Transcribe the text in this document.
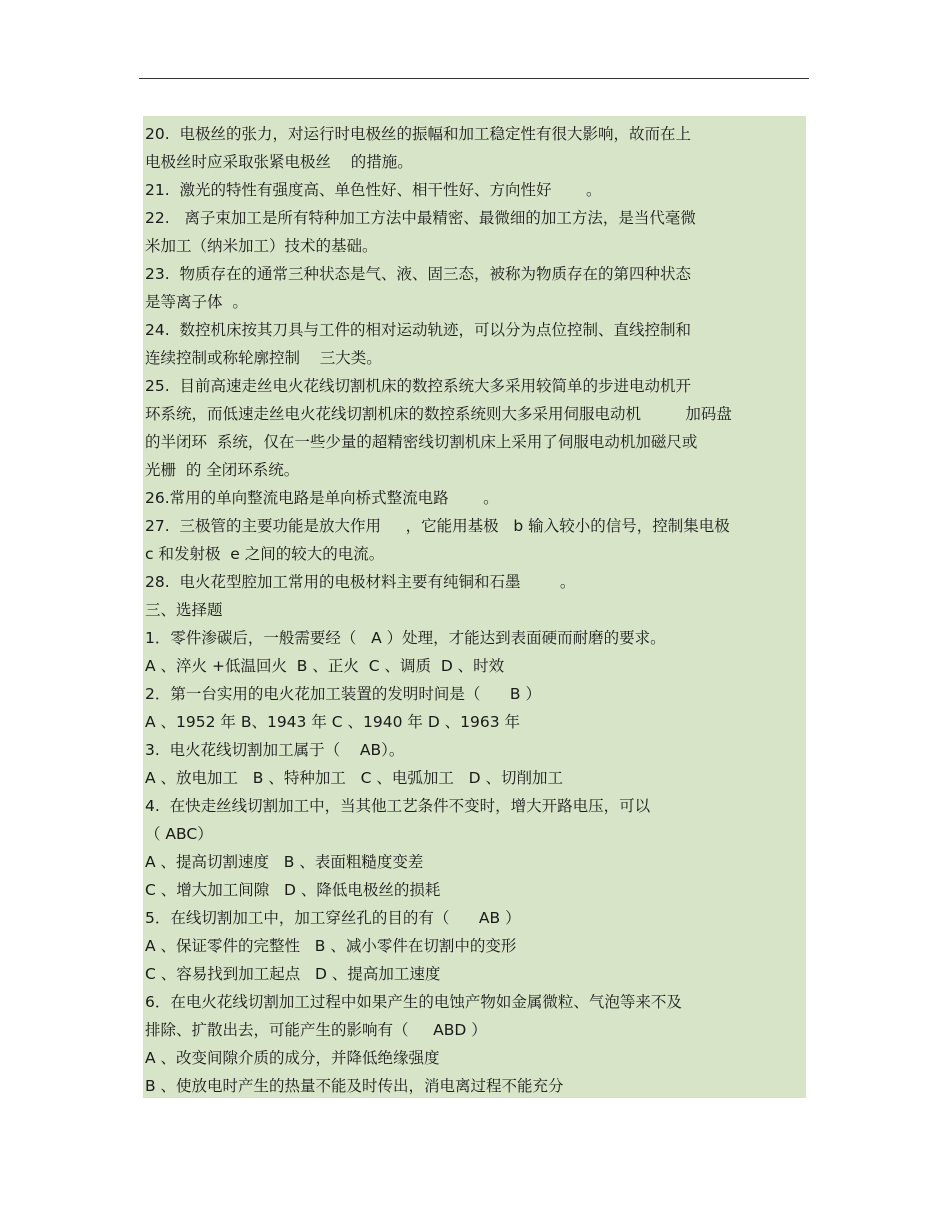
20.  电极丝的张力，对运行时电极丝的振幅和加工稳定性有很大影响，故而在上
电极丝时应采取张紧电极丝    的措施。
21.  激光的特性有强度高、单色性好、相干性好、方向性好       。
22.   离子束加工是所有特种加工方法中最精密、最微细的加工方法，是当代毫微
米加工（纳米加工）技术的基础。
23.  物质存在的通常三种状态是气、液、固三态，被称为物质存在的第四种状态
是等离子体  。
24.  数控机床按其刀具与工件的相对运动轨迹，可以分为点位控制、直线控制和
连续控制或称轮廓控制    三大类。
25.  目前高速走丝电火花线切割机床的数控系统大多采用较简单的步进电动机开
环系统，而低速走丝电火花线切割机床的数控系统则大多采用伺服电动机         加码盘
的半闭环  系统，仅在一些少量的超精密线切割机床上采用了伺服电动机加磁尺或
光栅  的 全闭环系统。
26.常用的单向整流电路是单向桥式整流电路       。
27.  三极管的主要功能是放大作用     ，它能用基极   b 输入较小的信号，控制集电极
c 和发射极  e 之间的较大的电流。
28.  电火花型腔加工常用的电极材料主要有纯铜和石墨        。
三、选择题
1．零件渗碳后，一般需要经（   A ）处理，才能达到表面硬而耐磨的要求。
A 、淬火 +低温回火  B 、正火  C 、调质  D 、时效
2．第一台实用的电火花加工装置的发明时间是（      B ）
A 、1952 年 B、1943 年 C 、1940 年 D 、1963 年
3.  电火花线切割加工属于（    AB）。
A 、放电加工   B 、特种加工   C 、电弧加工   D 、切削加工
4.  在快走丝线切割加工中，当其他工艺条件不变时，增大开路电压，可以
（ ABC）
A 、提高切割速度   B 、表面粗糙度变差
C 、增大加工间隙   D 、降低电极丝的损耗
5．在线切割加工中，加工穿丝孔的目的有（      AB ）
A 、保证零件的完整性   B 、减小零件在切割中的变形
C 、容易找到加工起点   D 、提高加工速度
6．在电火花线切割加工过程中如果产生的电蚀产物如金属微粒、气泡等来不及
排除、扩散出去，可能产生的影响有（     ABD ）
A 、改变间隙介质的成分，并降低绝缘强度
B 、使放电时产生的热量不能及时传出，消电离过程不能充分
